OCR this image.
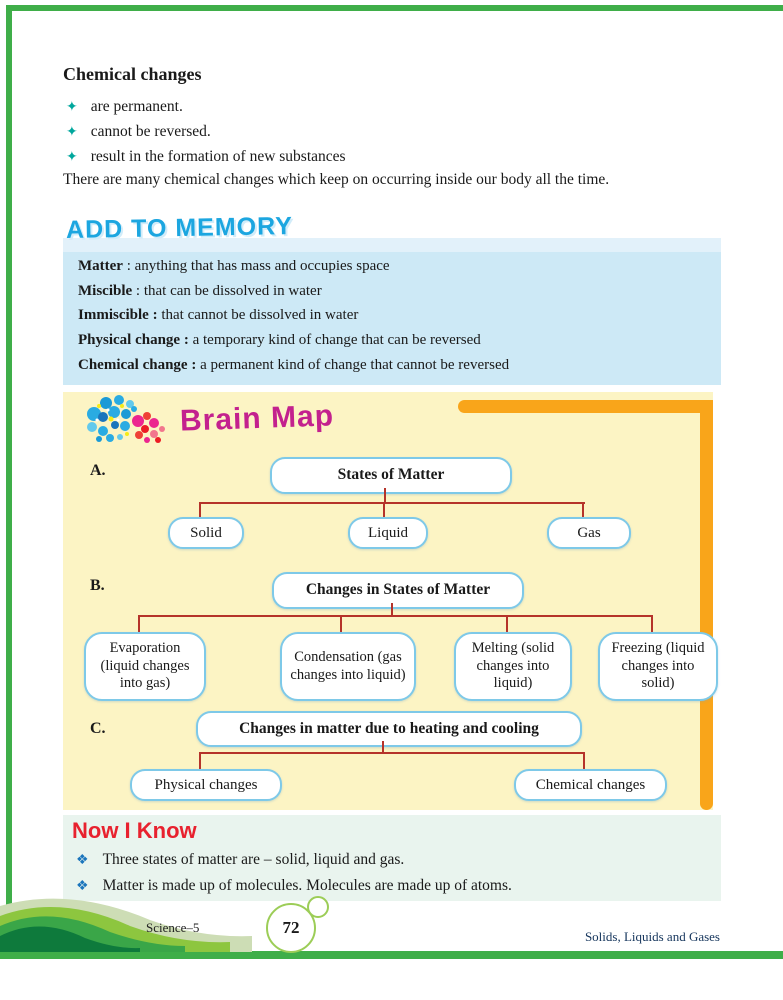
Chemical changes
✦ are permanent.
✦ cannot be reversed.
✦ result in the formation of new substances
There are many chemical changes which keep on occurring inside our body all the time.
ADD TO MEMORY
Matter : anything that has mass and occupies space
Miscible : that can be dissolved in water
Immiscible : that cannot be dissolved in water
Physical change : a temporary kind of change that can be reversed
Chemical change : a permanent kind of change that cannot be reversed
Brain Map
A.	States of Matter
Solid	Liquid	Gas
B.	Changes in States of Matter
Evaporation (liquid changes into gas)
Condensation (gas changes into liquid)
Melting (solid changes into liquid)
Freezing (liquid changes into solid)
C.	Changes in matter due to heating and cooling
Physical changes	Chemical changes
Now I Know
❖ Three states of matter are – solid, liquid and gas.
❖ Matter is made up of molecules. Molecules are made up of atoms.
Science–5	72	Solids, Liquids and Gases
